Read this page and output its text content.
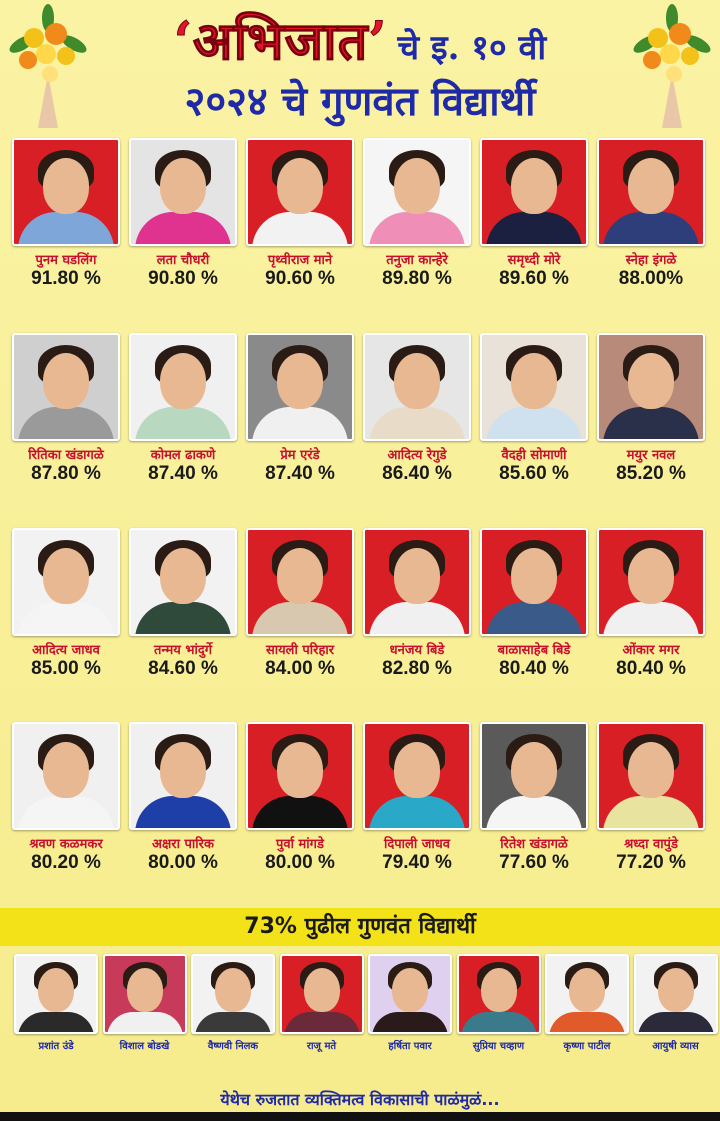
‘अभिजात’ चे इ. १० वी
२०२४ चे गुणवंत विद्यार्थी
पुनम घडलिंग
91.80 %
लता चौधरी
90.80 %
पृथ्वीराज माने
90.60 %
तनुजा कान्हेरे
89.80 %
समृध्दी मोरे
89.60 %
स्नेहा इंगळे
88.00%
रितिका खंडागळे
87.80 %
कोमल ढाकणे
87.40 %
प्रेम एरंडे
87.40 %
आदित्य रेगुडे
86.40 %
वैदही सोमाणी
85.60 %
मयुर नवल
85.20 %
आदित्य जाधव
85.00 %
तन्मय भांदुर्गे
84.60 %
सायली परिहार
84.00 %
धनंजय बिडे
82.80 %
बाळासाहेब बिडे
80.40 %
ओंकार मगर
80.40 %
श्रवण कळमकर
80.20 %
अक्षरा पारिक
80.00 %
पुर्वा मांगडे
80.00 %
दिपाली जाधव
79.40 %
रितेश खंडागळे
77.60 %
श्रध्दा वापुंडे
77.20 %
73% पुढील गुणवंत विद्यार्थी
प्रशांत उंडे	विशाल बोडखे	वैष्णवी निलक	राजू मते	हर्षिता पवार	सुप्रिया चव्हाण	कृष्णा पाटील	आयुषी व्यास
येथेच रुजतात व्यक्तिमत्व विकासाची पाळंमुळं...
